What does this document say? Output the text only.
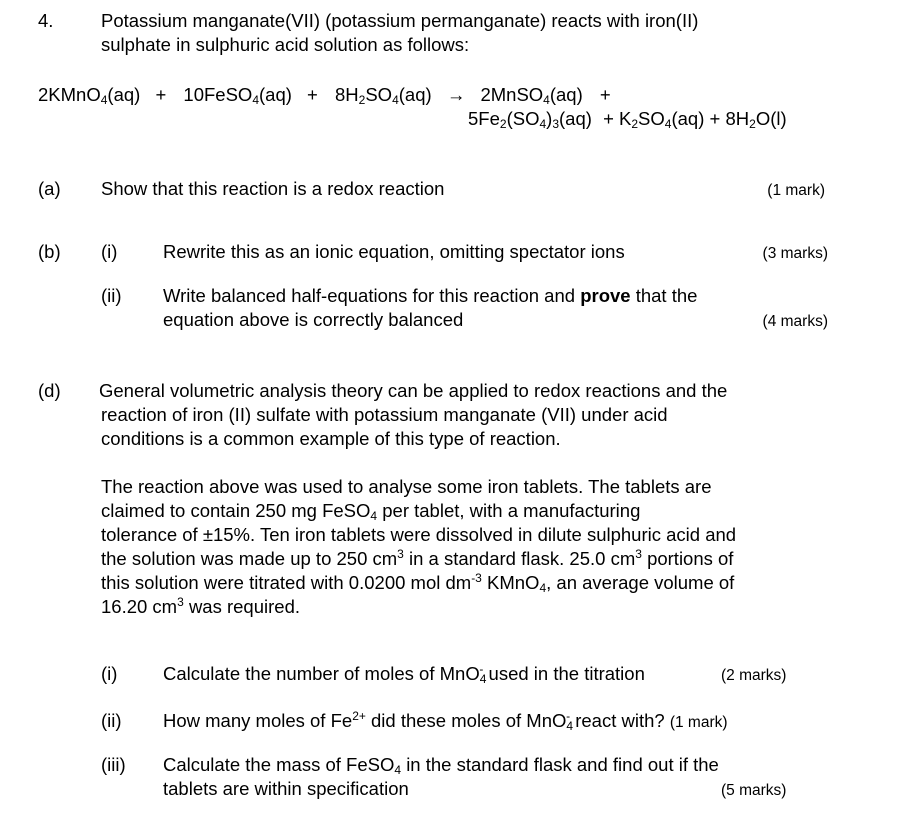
4.	Potassium manganate(VII) (potassium permanganate) reacts with iron(II)
sulphate in sulphuric acid solution as follows:
2KMnO$_4$(aq) + 10FeSO$_4$(aq) + $8H_2SO_4(aq)$ → 2MnSO$_4$(aq) +
$5Fe_2(SO_4)_3(aq) + K_2SO_4(aq) + 8H_2O(l)$
(a) Show that this reaction is a redox reaction	(1 mark)
(b) (i) Rewrite this as an ionic equation, omitting spectator ions	(3 marks)
(ii) Write balanced half-equations for this reaction and prove that the
equation above is correctly balanced	(4 marks)
(d) General volumetric analysis theory can be applied to redox reactions and the
reaction of iron (II) sulfate with potassium manganate (VII) under acid
conditions is a common example of this type of reaction.
The reaction above was used to analyse some iron tablets. The tablets are
claimed to contain 250 mg FeSO$_4$ per tablet, with a manufacturing
tolerance of ±15%. Ten iron tablets were dissolved in dilute sulphuric acid and
the solution was made up to 250 $cm^3$ in a standard flask. 25.0 $cm^3$ portions of
this solution were titrated with 0.0200 mol $dm^{-3}$ KMnO$_4$, an average volume of
16.20 $cm^3$ was required.
(i) Calculate the number of moles of MnO$_4$- used in the titration	(2 marks)
(ii) How many moles of $Fe^{2+}$ did these moles of MnO$_4$- react with? (1 mark)
(iii) Calculate the mass of FeSO$_4$ in the standard flask and find out if the
tablets are within specification	(5 marks)
